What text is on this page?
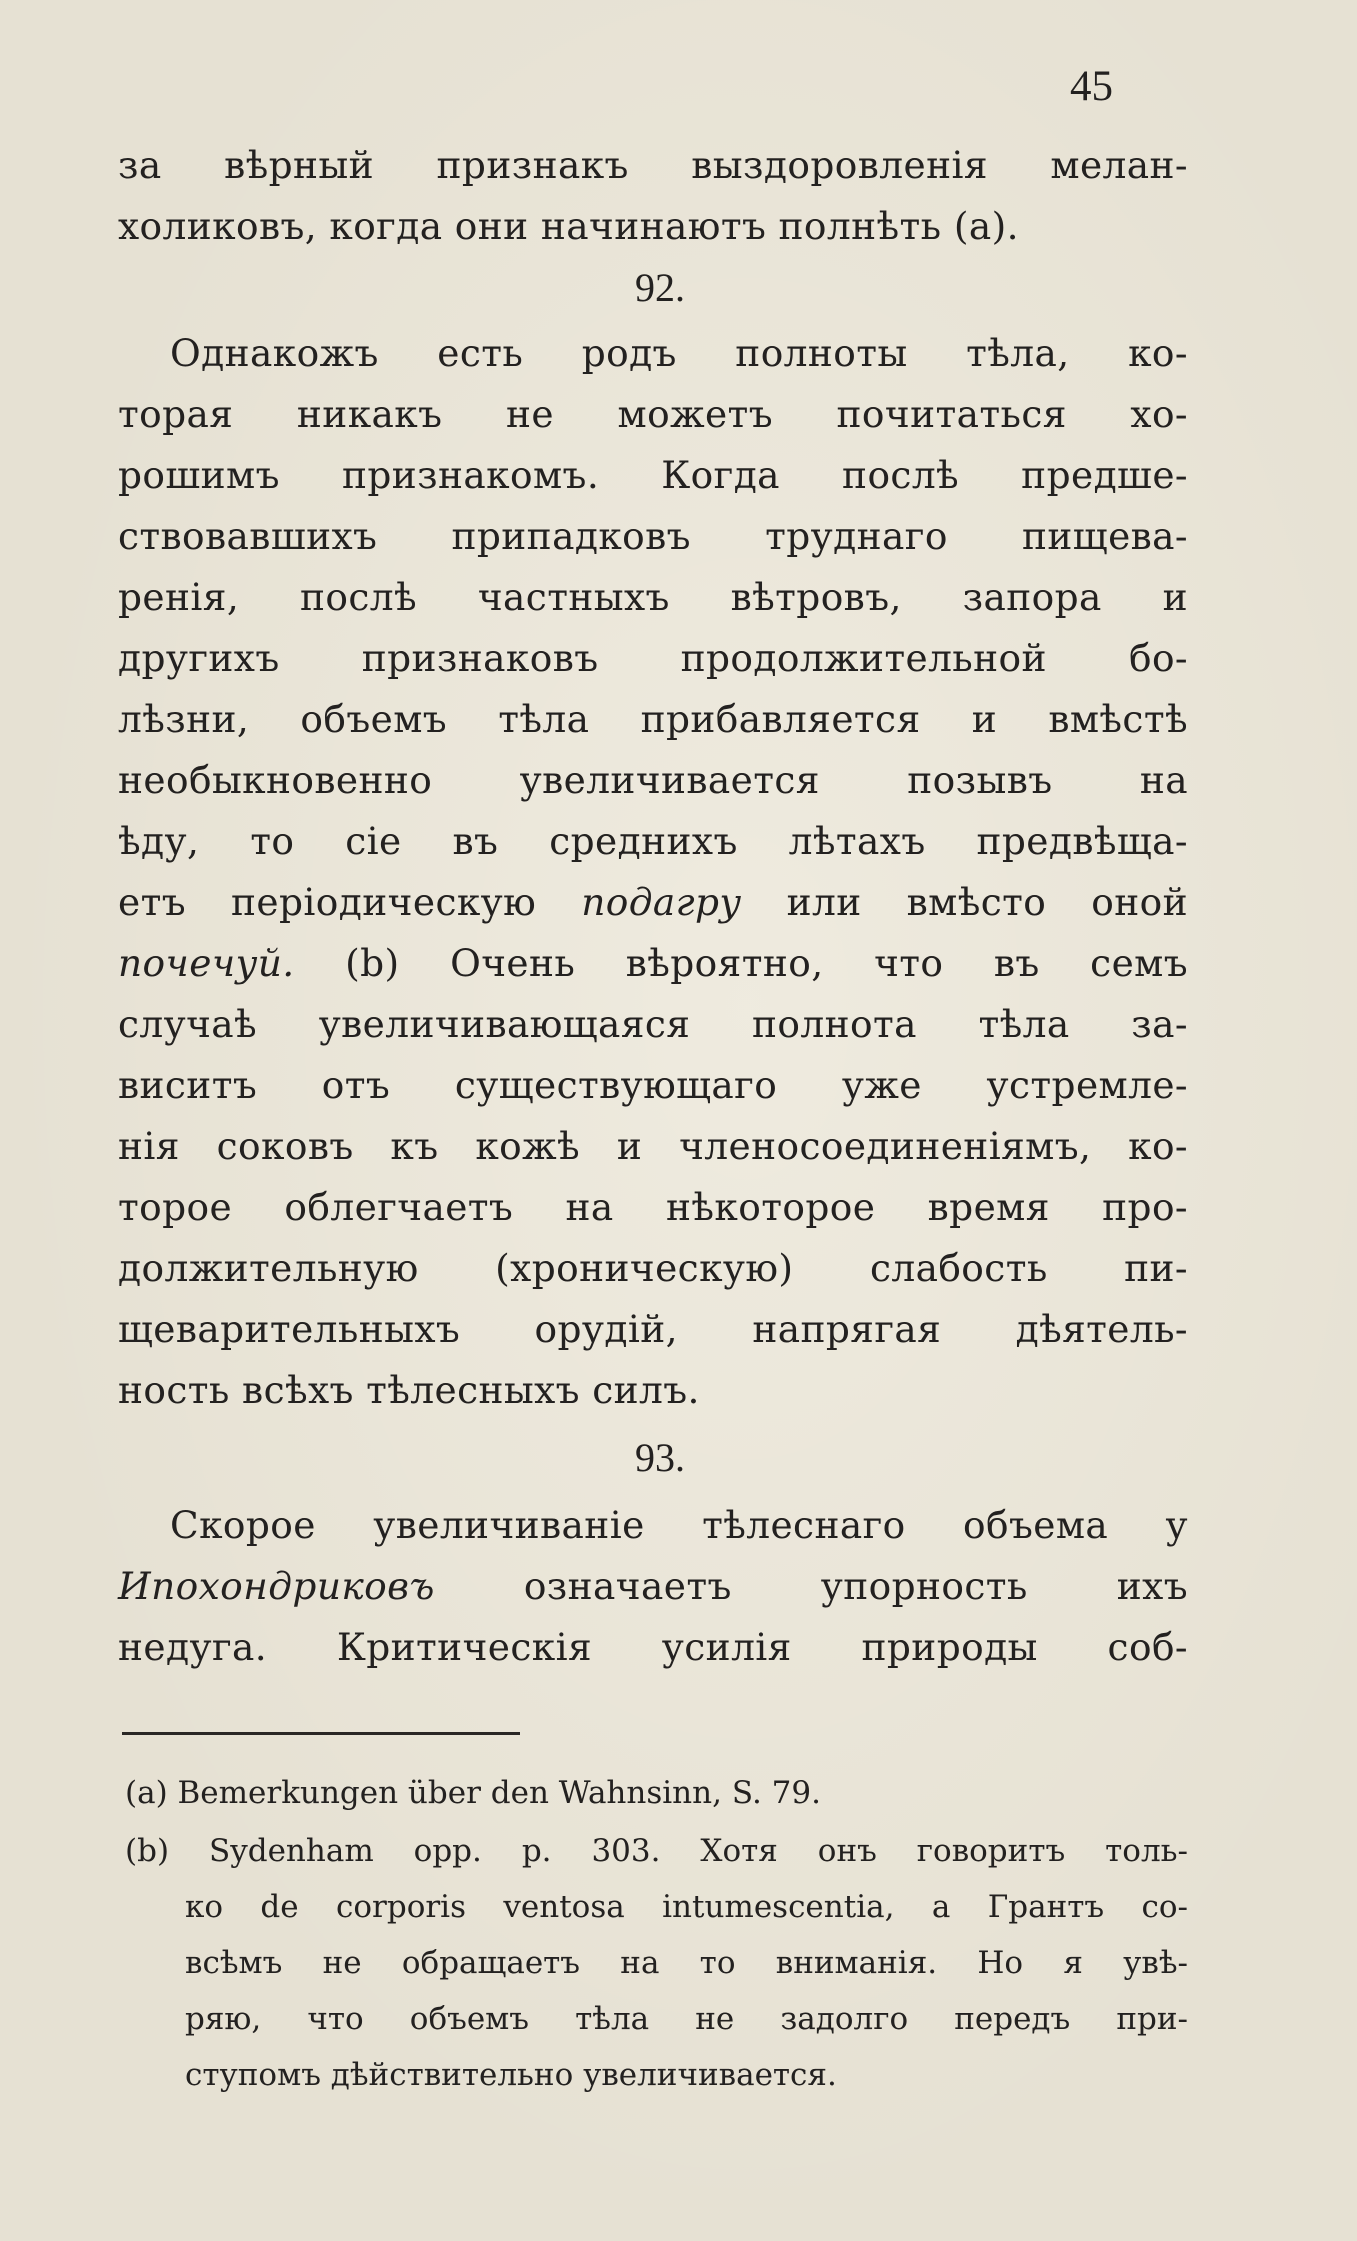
45
за вѣрный признакъ выздоровленія мелан-
холиковъ, когда они начинаютъ полнѣть (a).
92.
Однакожъ есть родъ полноты тѣла, ко-
торая никакъ не можетъ почитаться хо-
рошимъ признакомъ. Когда послѣ предше-
ствовавшихъ припадковъ труднаго пищева-
ренія, послѣ частныхъ вѣтровъ, запора и
другихъ признаковъ продолжительной бо-
лѣзни, объемъ тѣла прибавляется и вмѣстѣ
необыкновенно увеличивается позывъ на
ѣду, то сіе въ среднихъ лѣтахъ предвѣща-
етъ періодическую подагру или вмѣсто оной
почечуй. (b) Очень вѣроятно, что въ семъ
случаѣ увеличивающаяся полнота тѣла за-
виситъ отъ существующаго уже устремле-
нія соковъ къ кожѣ и членосоединеніямъ, ко-
торое облегчаетъ на нѣкоторое время про-
должительную (хроническую) слабость пи-
щеварительныхъ орудій, напрягая дѣятель-
ность всѣхъ тѣлесныхъ силъ.
93.
Скорое увеличиваніе тѣлеснаго объема у
Ипохондриковъ означаетъ упорность ихъ
недуга. Критическія усилія природы соб-
(a) Bemerkungen über den Wahnsinn, S. 79.
(b) Sydenham opp. p. 303. Хотя онъ говоритъ толь-
ко de corporis ventosa intumescentia, а Грантъ со-
всѣмъ не обращаетъ на то вниманія. Но я увѣ-
ряю, что объемъ тѣла не задолго передъ при-
ступомъ дѣйствительно увеличивается.
